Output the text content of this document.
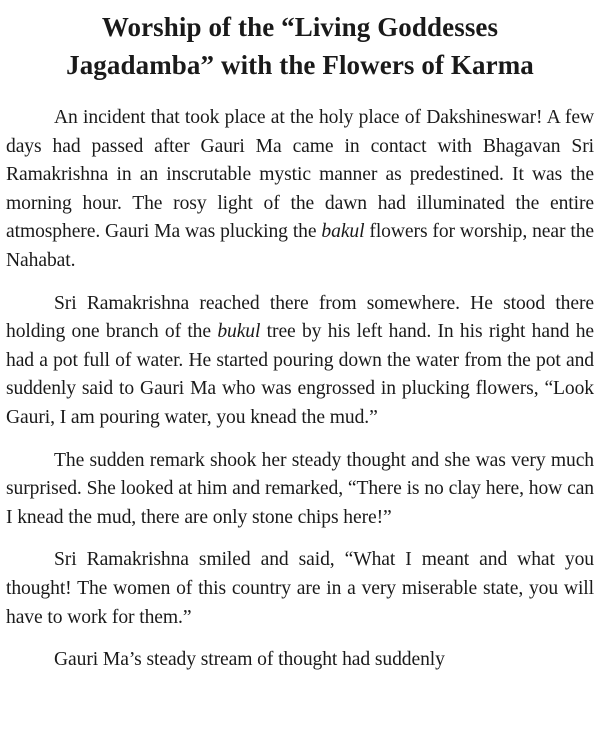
Worship of the “Living Goddesses
Jagadamba” with the Flowers of Karma

An incident that took place at the holy place of Dakshineswar! A few days had passed after Gauri Ma came in contact with Bhagavan Sri Ramakrishna in an inscrutable mystic manner as predestined. It was the morning hour. The rosy light of the dawn had illuminated the entire atmosphere. Gauri Ma was plucking the bakul flowers for worship, near the Nahabat.

Sri Ramakrishna reached there from somewhere. He stood there holding one branch of the bukul tree by his left hand. In his right hand he had a pot full of water. He started pouring down the water from the pot and suddenly said to Gauri Ma who was engrossed in plucking flowers, “Look Gauri, I am pouring water, you knead the mud.”

The sudden remark shook her steady thought and she was very much surprised. She looked at him and remarked, “There is no clay here, how can I knead the mud, there are only stone chips here!”

Sri Ramakrishna smiled and said, “What I meant and what you thought! The women of this country are in a very miserable state, you will have to work for them.”

Gauri Ma’s steady stream of thought had suddenly
